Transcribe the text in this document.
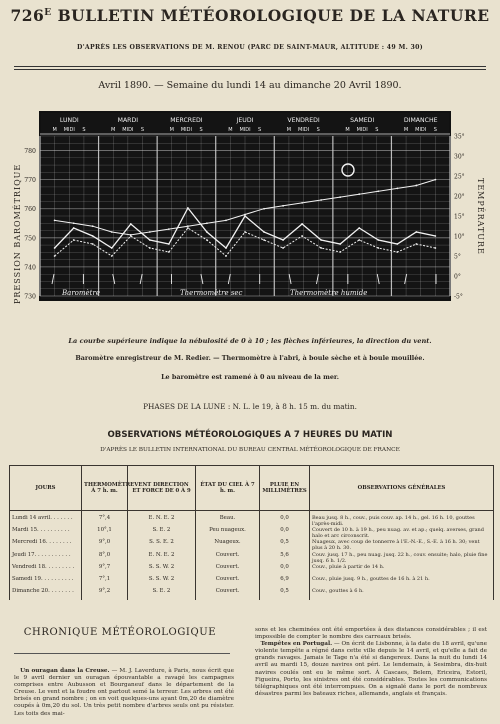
$726^E$ BULLETIN MÉTÉOROLOGIQUE DE LA NATURE
D'APRÈS LES OBSERVATIONS DE M. RENOU (PARC DE SAINT-MAUR, ALTITUDE : 49 M. 30)
Avril 1890. — Semaine du lundi 14 au dimanche 20 Avril 1890.
PRESSION BAROMÉTRIQUE	TEMPÉRATURE
730
740
750
760
770
780
-5°
0°
5°
10°
15°
20°
25°
30°
35°
LUNDI
M MIDI S
MARDI
M MIDI S
MERCREDI
M MIDI S
JEUDI
M MIDI S
VENDREDI
M MIDI S
SAMEDI
M MIDI S
DIMANCHE
M MIDI S
Baromètre	Thermomètre sec	Thermomètre humide
La courbe supérieure indique la nébulosité de 0 à 10 ; les flèches inférieures, la direction du vent.
Baromètre enregistreur de M. Redier. — Thermomètre à l'abri, à boule sèche et à boule mouillée.
Le baromètre est ramené à 0 au niveau de la mer.
PHASES DE LA LUNE : N. L. le 19, à 8 h. 15 m. du matin.
OBSERVATIONS MÉTÉOROLOGIQUES A 7 HEURES DU MATIN
D'APRÈS LE BULLETIN INTERNATIONAL DU BUREAU CENTRAL MÉTÉOROLOGIQUE DE FRANCE
JOURS	THERMOMÈTRE À 7 h. m.	VENT DIRECTION ET FORCE DE 0 À 9	ÉTAT DU CIEL À 7 h. m.	PLUIE EN MILLIMÈTRES	OBSERVATIONS GÉNÉRALES
Lundi 14 avril. . . . . . .	7°,4	E. N. E. 2	Beau.	0,0	Beau jusq. 8 h., couv., puis couv. ap. 14 h., gel. 16 h. 10, gouttes l'après-midi.
Mardi 15. . . . . . . . . .	10°,1	S. E. 2	Peu nuageux.	0,0	Couvert de 10 h. à 19 h., peu nuag. av. et ap.; quelq. averses, grand halo et arc circonscrit.
Mercredi 16. . . . . . . .	9°,0	S. S. E. 2	Nuageux.	0,5	Nuageux, avec coup de tonnerre à l'E.-N.-E., S.-E. à 16 h. 30; vent plus à 20 h. 30.
Jeudi 17. . . . . . . . . . .	8°,0	E. N. E. 2	Couvert.	5,6	Couv. jusq. 17 h., peu nuag. jusq. 22 h., couv. ensuite; halo, pluie fine jusq. 6 h. 1/2.
Vendredi 18. . . . . . . . .	9°,7	S. S. W. 2	Couvert.	0,0	Couv., pluie à partir de 14 h.
Samedi 19. . . . . . . . . .	7°,1	S. S. W. 2	Couvert.	6,9	Couv., pluie jusq. 9 h., gouttes de 16 h. à 21 h.
Dimanche 20. . . . . . . .	9°,2	S. E. 2	Couvert.	0,5	Couv., gouttes à 6 h.
CHRONIQUE MÉTÉOROLOGIQUE
Un ouragan dans la Creuse. — M. J. Laverdure, à Paris, nous écrit que le 9 avril dernier un ouragan épouvantable a ravagé les campagnes comprises entre Aubusson et Bourganeuf dans le département de la Creuse. Le vent et la foudre ont partout semé la terreur. Les arbres ont été brisés en grand nombre ; on en voit quelques-uns ayant 0m,20 de diamètre coupés à 0m,20 du sol. Un très petit nombre d'arbres seuls ont pu résister. Les toits des mai-
sons et les cheminées ont été emportées à des distances considérables ; il est impossible de compter le nombre des carreaux brisés.
Tempêtes en Portugal. — On écrit de Lisbonne, à la date du 18 avril, qu'une violente tempête a régné dans cette ville depuis le 14 avril, et qu'elle a fait de grands ravages. Jamais le Tage n'a été si dangereux. Dans la nuit du lundi 14 avril au mardi 15, douze navires ont péri. Le lendemain, à Sesimbra, dix-huit navires coulés ont eu le même sort. À Cascaes, Belem, Ericeira, Estoril, Figueira, Porto, les sinistres ont été considérables. Toutes les communications télégraphiques ont été interrompues. On a signalé dans le port de nombreux désastres parmi les bateaux riches, allemands, anglais et français.
